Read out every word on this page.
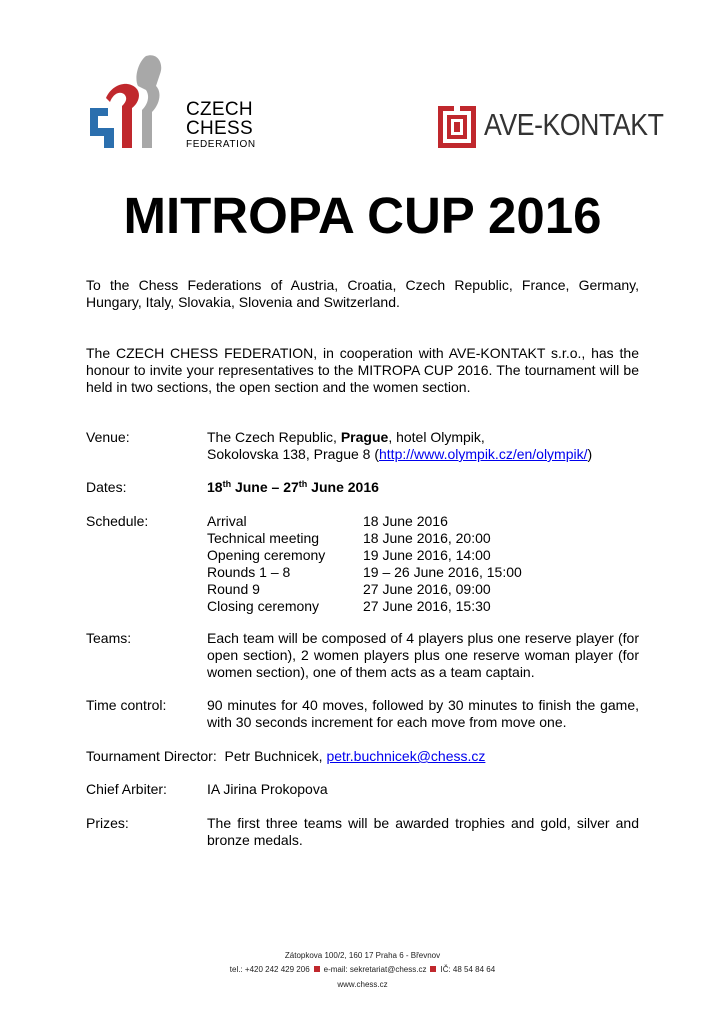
CZECH
CHESS
FEDERATION
AVE-KONTAKT
MITROPA CUP 2016

To the Chess Federations of Austria, Croatia, Czech Republic, France, Germany, Hungary, Italy, Slovakia, Slovenia and Switzerland.

The CZECH CHESS FEDERATION, in cooperation with AVE-KONTAKT s.r.o., has the honour to invite your representatives to the MITROPA CUP 2016. The tournament will be held in two sections, the open section and the women section.

Venue:	The Czech Republic, Prague, hotel Olympik,
Sokolovska 138, Prague 8 (http://www.olympik.cz/en/olympik/)
Dates:	18th June – 27th June 2016
Schedule:	Arrival	18 June 2016
Technical meeting	18 June 2016, 20:00
Opening ceremony	19 June 2016, 14:00
Rounds 1 – 8	19 – 26 June 2016, 15:00
Round 9	27 June 2016, 09:00
Closing ceremony	27 June 2016, 15:30
Teams:	Each team will be composed of 4 players plus one reserve player (for open section), 2 women players plus one reserve woman player (for women section), one of them acts as a team captain.
Time control:	90 minutes for 40 moves, followed by 30 minutes to finish the game, with 30 seconds increment for each move from move one.
Tournament Director: Petr Buchnicek, petr.buchnicek@chess.cz
Chief Arbiter:	IA Jirina Prokopova
Prizes:	The first three teams will be awarded trophies and gold, silver and bronze medals.
Zátopkova 100/2, 160 17 Praha 6 - Břevnov
tel.: +420 242 429 206 e-mail: sekretariat@chess.cz IČ: 48 54 84 64
www.chess.cz
